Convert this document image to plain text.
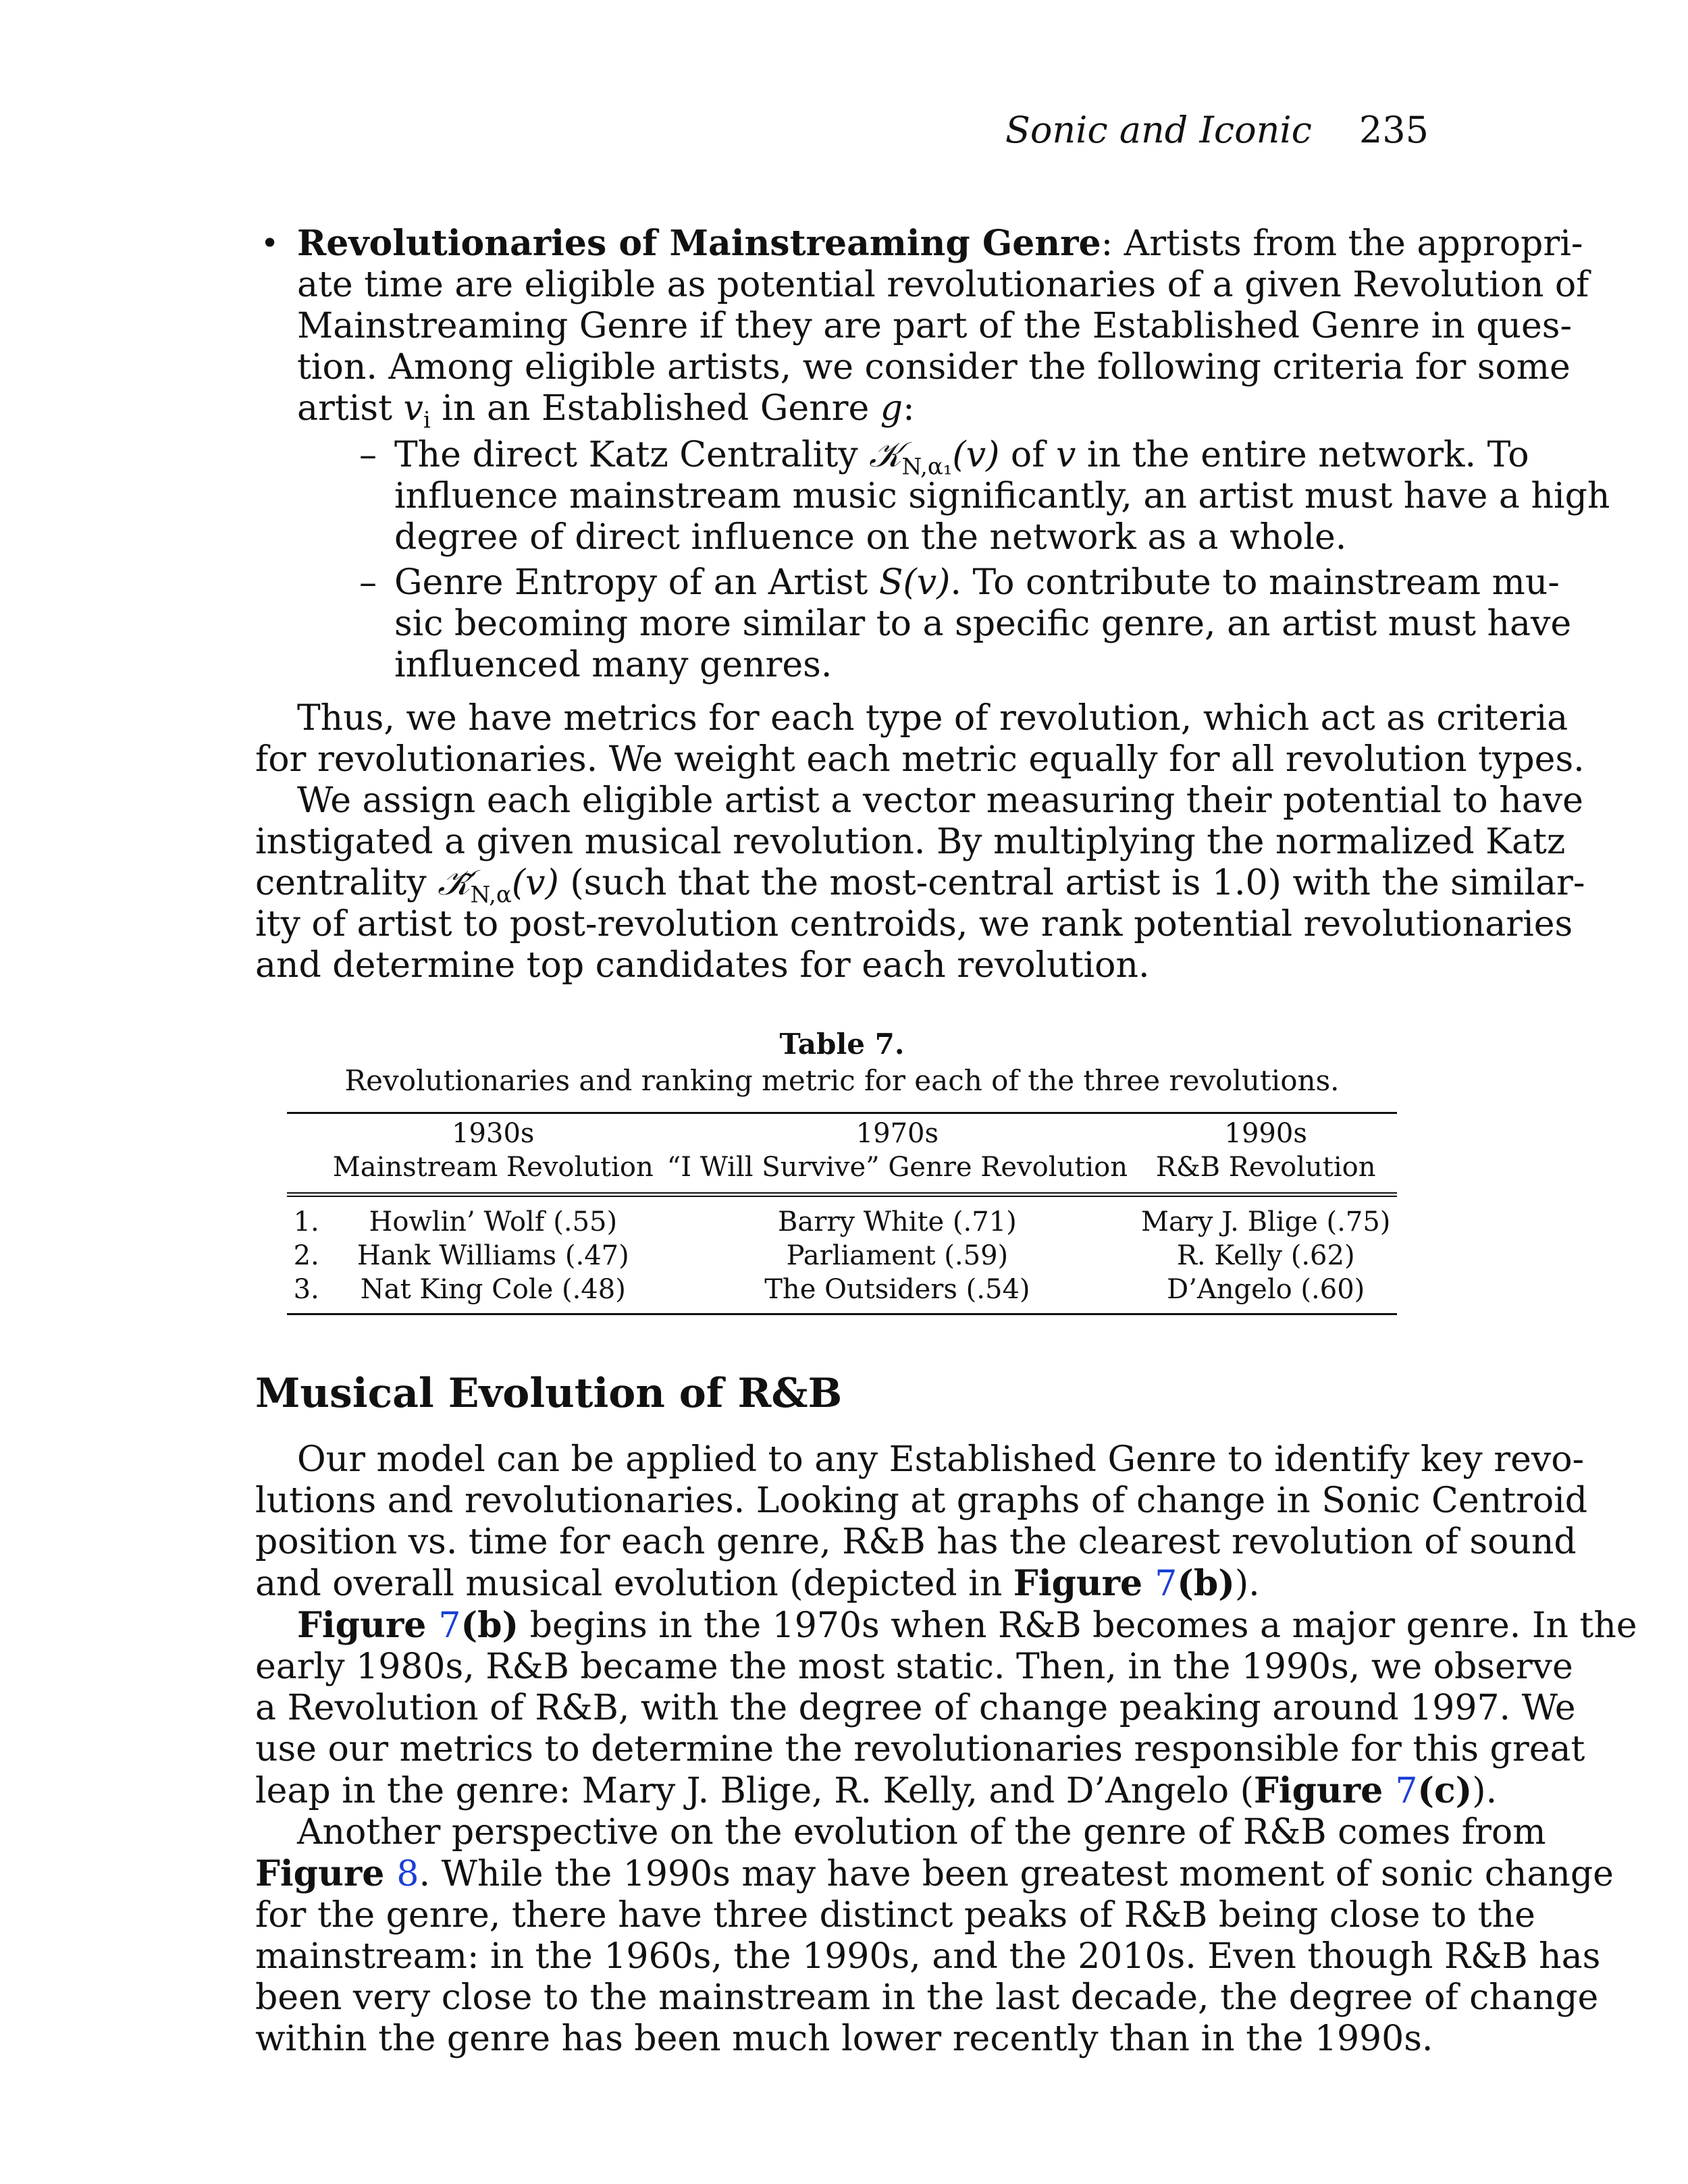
Sonic and Iconic 235
• Revolutionaries of Mainstreaming Genre: Artists from the appropri-
ate time are eligible as potential revolutionaries of a given Revolution of
Mainstreaming Genre if they are part of the Established Genre in ques-
tion. Among eligible artists, we consider the following criteria for some
artist $v_i$ in an Established Genre g:
– The direct Katz Centrality 𝒦$_{N,\alpha_1}$(v) of v in the entire network. To
influence mainstream music significantly, an artist must have a high
degree of direct influence on the network as a whole.
– Genre Entropy of an Artist S(v). To contribute to mainstream mu-
sic becoming more similar to a specific genre, an artist must have
influenced many genres.
Thus, we have metrics for each type of revolution, which act as criteria
for revolutionaries. We weight each metric equally for all revolution types.
We assign each eligible artist a vector measuring their potential to have
instigated a given musical revolution. By multiplying the normalized Katz
centrality $𝒦̃_{N,\alpha}(v)$ (such that the most-central artist is 1.0) with the similar-
ity of artist to post-revolution centroids, we rank potential revolutionaries
and determine top candidates for each revolution.
Table 7.
Revolutionaries and ranking metric for each of the three revolutions.
	1930s	1970s	1990s
	Mainstream Revolution	“I Will Survive” Genre Revolution	R&B Revolution
1.	Howlin’ Wolf (.55)	Barry White (.71)	Mary J. Blige (.75)
2.	Hank Williams (.47)	Parliament (.59)	R. Kelly (.62)
3.	Nat King Cole (.48)	The Outsiders (.54)	D’Angelo (.60)
Musical Evolution of R&B
Our model can be applied to any Established Genre to identify key revo-
lutions and revolutionaries. Looking at graphs of change in Sonic Centroid
position vs. time for each genre, R&B has the clearest revolution of sound
and overall musical evolution (depicted in Figure 7(b)).
Figure 7(b) begins in the 1970s when R&B becomes a major genre. In the
early 1980s, R&B became the most static. Then, in the 1990s, we observe
a Revolution of R&B, with the degree of change peaking around 1997. We
use our metrics to determine the revolutionaries responsible for this great
leap in the genre: Mary J. Blige, R. Kelly, and D’Angelo (Figure 7(c)).
Another perspective on the evolution of the genre of R&B comes from
Figure 8. While the 1990s may have been greatest moment of sonic change
for the genre, there have three distinct peaks of R&B being close to the
mainstream: in the 1960s, the 1990s, and the 2010s. Even though R&B has
been very close to the mainstream in the last decade, the degree of change
within the genre has been much lower recently than in the 1990s.
